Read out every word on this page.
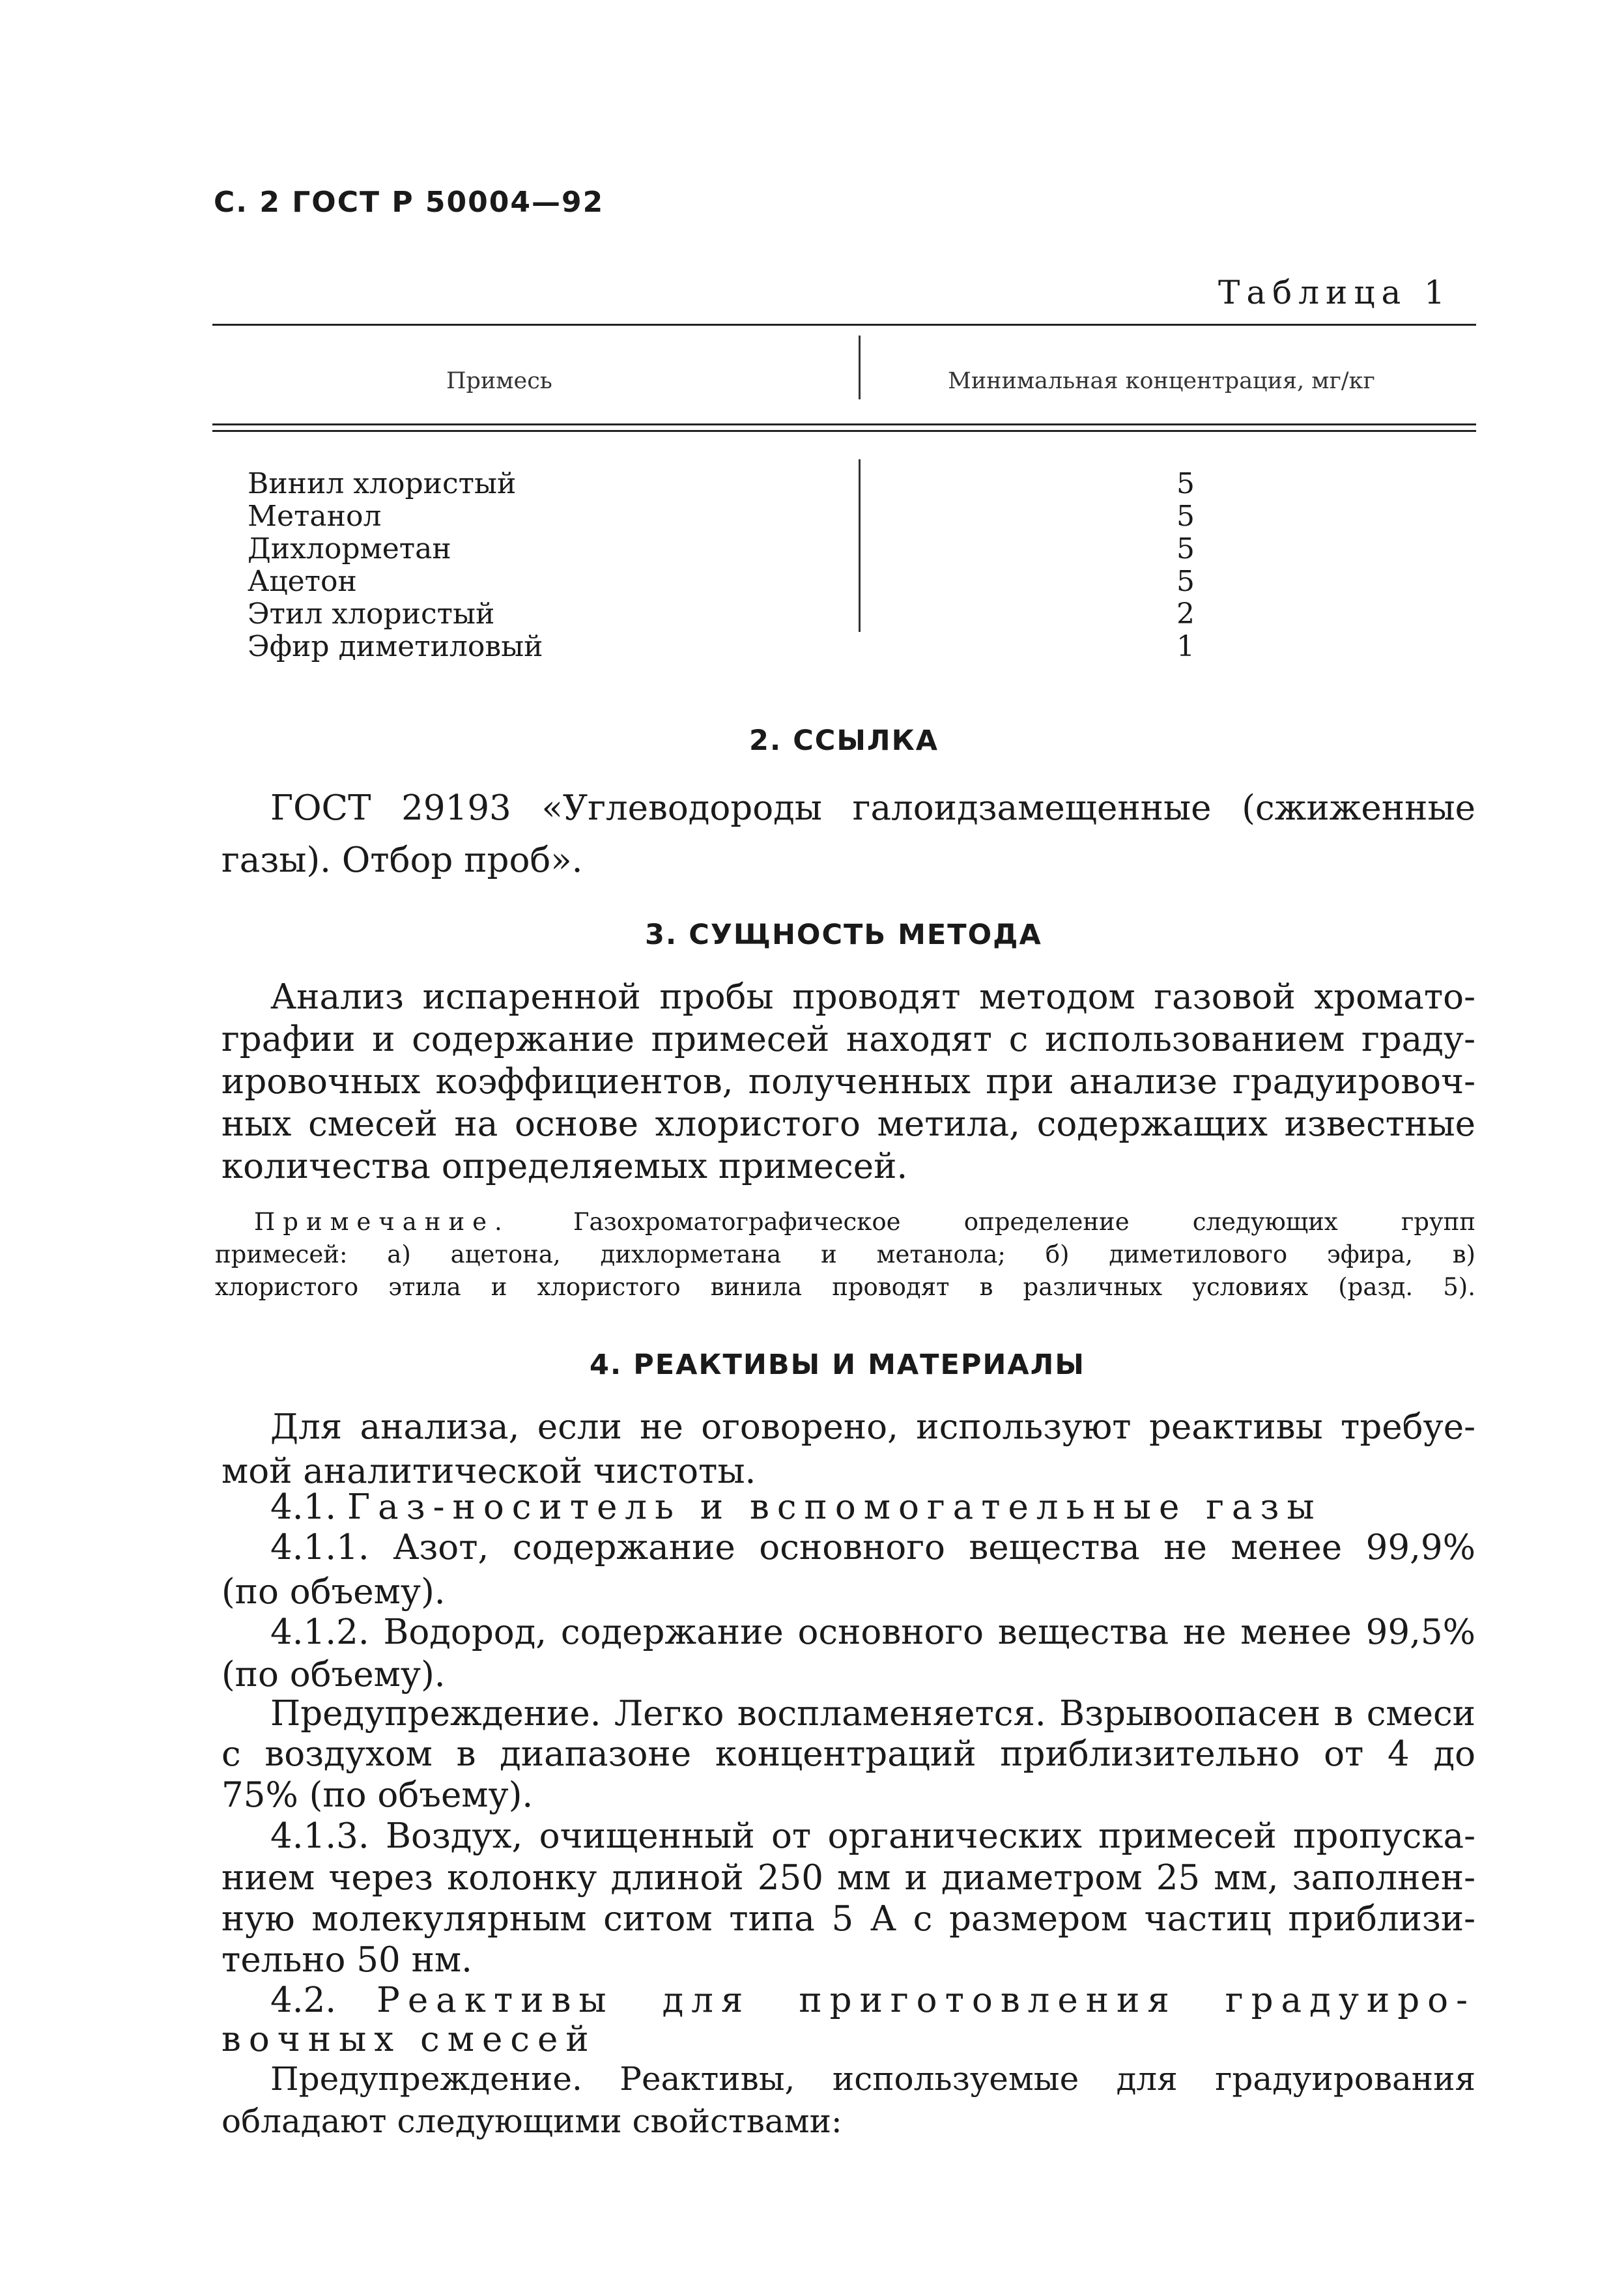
С. 2 ГОСТ Р 50004—92
Таблица 1
Примесь	Минимальная концентрация, мг/кг
Винил хлористый	5
Метанол	5
Дихлорметан	5
Ацетон	5
Этил хлористый	2
Эфир диметиловый	1
2. ССЫЛКА
ГОСТ 29193 «Углеводороды галоидзамещенные (сжиженные
газы). Отбор проб».
3. СУЩНОСТЬ МЕТОДА
Анализ испаренной пробы проводят методом газовой хромато-
графии и содержание примесей находят с использованием граду-
ировочных коэффициентов, полученных при анализе градуировоч-
ных смесей на основе хлористого метила, содержащих известные
количества определяемых примесей.
Примечание.	Газохроматографическое определение следующих групп
примесей: а) ацетона, дихлорметана и метанола; б) диметилового эфира, в)
хлористого этила и хлористого винила проводят в различных условиях (разд. 5).
4. РЕАКТИВЫ И МАТЕРИАЛЫ
Для анализа, если не оговорено, используют реактивы требуе-
мой аналитической чистоты.
4.1. Газ-носитель и вспомогательные газы
4.1.1. Азот, содержание основного вещества не менее 99,9%
(по объему).
4.1.2. Водород, содержание основного вещества не менее 99,5%
(по объему).
Предупреждение. Легко воспламеняется. Взрывоопасен в смеси
с воздухом в диапазоне концентраций приблизительно от 4 до
75% (по объему).
4.1.3. Воздух, очищенный от органических примесей пропуска-
нием через колонку длиной 250 мм и диаметром 25 мм, заполнен-
ную молекулярным ситом типа 5 А с размером частиц приблизи-
тельно 50 нм.
4.2. Реактивы для приготовления градуиро-
вочных смесей
Предупреждение. Реактивы, используемые для градуирования
обладают следующими свойствами:
